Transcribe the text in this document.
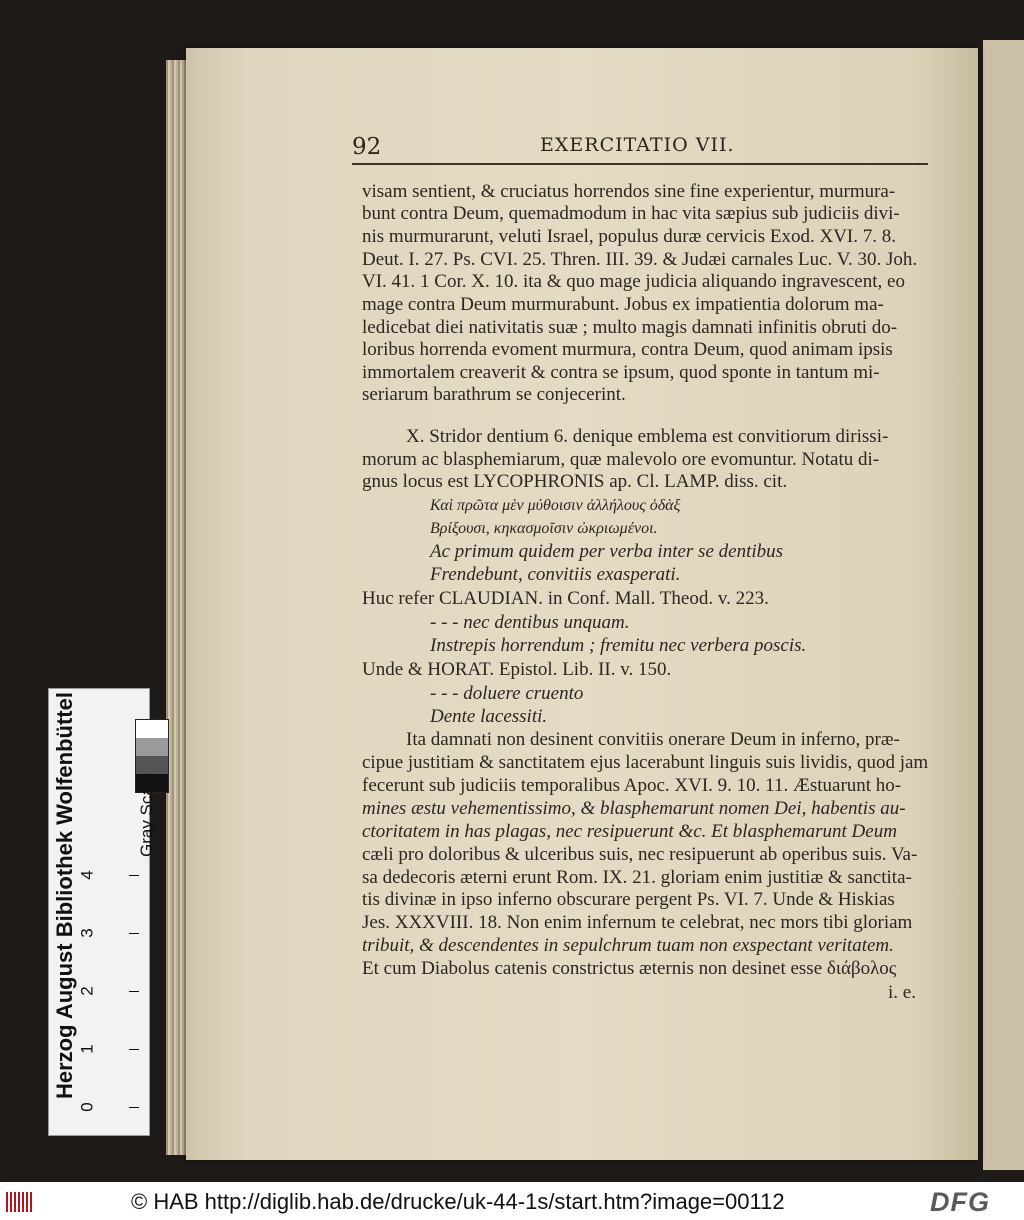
92	EXERCITATIO VII.
visam sentient, & cruciatus horrendos sine fine experientur, murmura-
bunt contra Deum, quemadmodum in hac vita sæpius sub judiciis divi-
nis murmurarunt, veluti Israel, populus duræ cervicis Exod. XVI. 7. 8.
Deut. I. 27. Ps. CVI. 25. Thren. III. 39. & Judæi carnales Luc. V. 30. Joh.
VI. 41. 1 Cor. X. 10. ita & quo mage judicia aliquando ingravescent, eo
mage contra Deum murmurabunt. Jobus ex impatientia dolorum ma-
ledicebat diei nativitatis suæ ; multo magis damnati infinitis obruti do-
loribus horrenda evoment murmura, contra Deum, quod animam ipsis
immortalem creaverit & contra se ipsum, quod sponte in tantum mi-
seriarum barathrum se conjecerint.
X. Stridor dentium 6. denique emblema est convitiorum dirissi-
morum ac blasphemiarum, quæ malevolo ore evomuntur. Notatu di-
gnus locus est LYCOPHRONIS ap. Cl. LAMP. diss. cit.
Καὶ πρῶτα μὲν μύθοισιν ἀλλήλους ὁδὰξ
Βρίξουσι, κηκασμοῖσιν ὠκριωμένοι.
Ac primum quidem per verba inter se dentibus
Frendebunt, convitiis exasperati.
Huc refer CLAUDIAN. in Conf. Mall. Theod. v. 223.
- - - nec dentibus unquam.
Instrepis horrendum ; fremitu nec verbera poscis.
Unde & HORAT. Epistol. Lib. II. v. 150.
- - - doluere cruento
Dente lacessiti.
Ita damnati non desinent convitiis onerare Deum in inferno, præ-
cipue justitiam & sanctitatem ejus lacerabunt linguis suis lividis, quod jam
fecerunt sub judiciis temporalibus Apoc. XVI. 9. 10. 11. Æstuarunt ho-
mines æstu vehementissimo, & blasphemarunt nomen Dei, habentis au-
ctoritatem in has plagas, nec resipuerunt &c. Et blasphemarunt Deum
cæli pro doloribus & ulceribus suis, nec resipuerunt ab operibus suis. Va-
sa dedecoris æterni erunt Rom. IX. 21. gloriam enim justitiæ & sanctita-
tis divinæ in ipso inferno obscurare pergent Ps. VI. 7. Unde & Hiskias
Jes. XXXVIII. 18. Non enim infernum te celebrat, nec mors tibi gloriam
tribuit, & descendentes in sepulchrum tuam non exspectant veritatem.
Et cum Diabolus catenis constrictus æternis non desinet esse διάβολος
i. e.
Herzog August Bibliothek Wolfenbüttel	Gray Scale
0
1
2
3
4
© HAB http://diglib.hab.de/drucke/uk-44-1s/start.htm?image=00112	DFG
